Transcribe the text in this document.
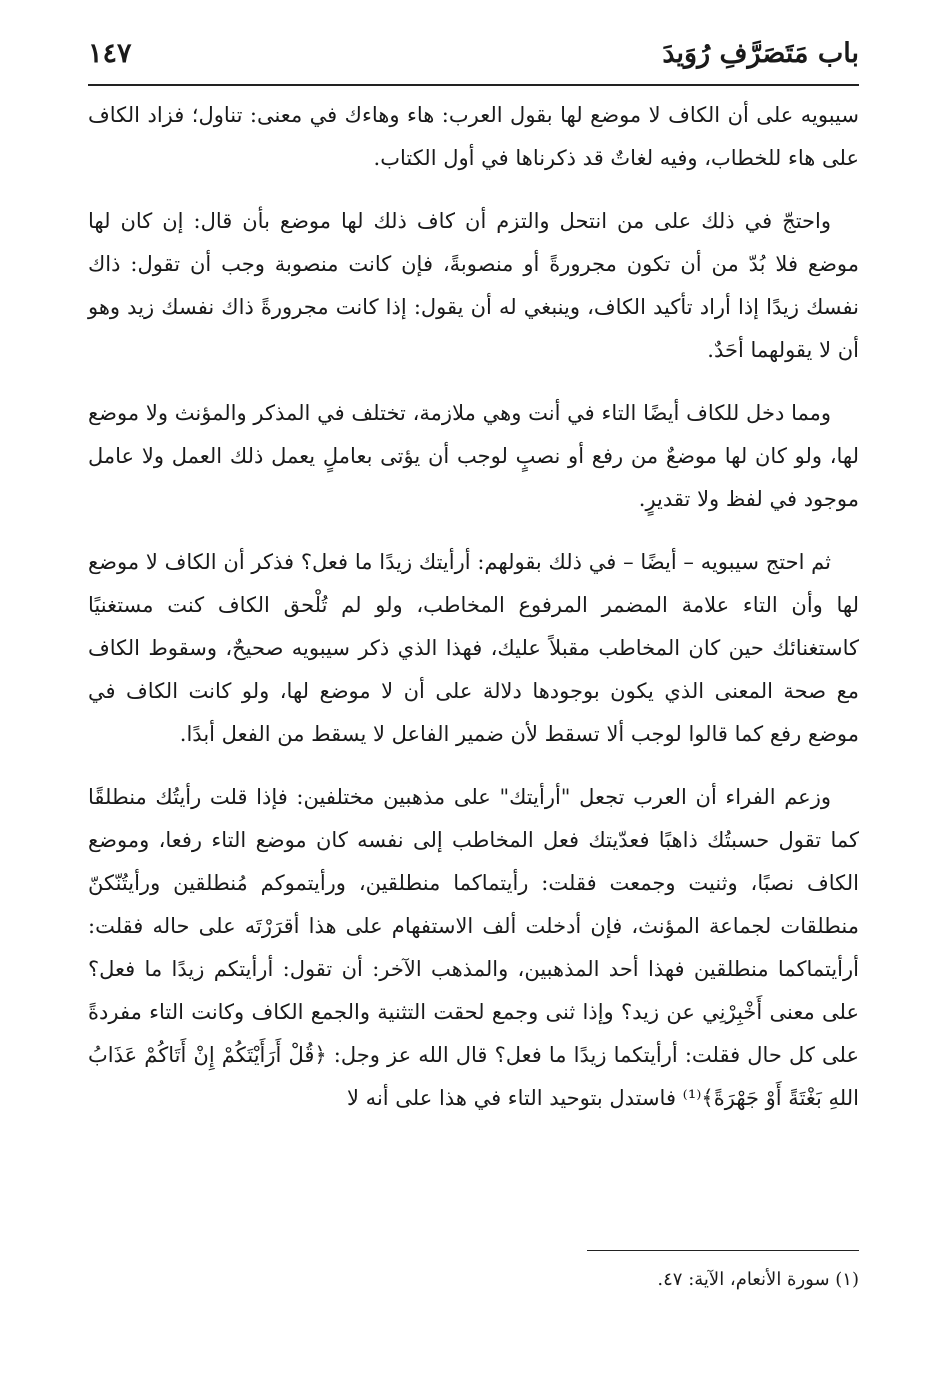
باب مَتَصَرَّفِ رُوَيدَ
١٤٧

سيبويه على أن الكاف لا موضع لها بقول العرب: هاء وهاءك في معنى: تناول؛ فزاد الكاف على هاء للخطاب، وفيه لغاتٌ قد ذكرناها في أول الكتاب.

واحتجّ في ذلك على من انتحل والتزم أن كاف ذلك لها موضع بأن قال: إن كان لها موضع فلا بُدّ من أن تكون مجرورةً أو منصوبةً، فإن كانت منصوبة وجب أن تقول: ذاك نفسك زيدًا إذا أراد تأكيد الكاف، وينبغي له أن يقول: إذا كانت مجرورةً ذاك نفسك زيد وهو أن لا يقولهما أحَدٌ.

ومما دخل للكاف أيضًا التاء في أنت وهي ملازمة، تختلف في المذكر والمؤنث ولا موضع لها، ولو كان لها موضعٌ من رفع أو نصبٍ لوجب أن يؤتى بعاملٍ يعمل ذلك العمل ولا عامل موجود في لفظ ولا تقديرٍ.

ثم احتج سيبويه – أيضًا – في ذلك بقولهم: أرأيتك زيدًا ما فعل؟ فذكر أن الكاف لا موضع لها وأن التاء علامة المضمر المرفوع المخاطب، ولو لم تُلْحق الكاف كنت مستغنيًا كاستغنائك حين كان المخاطب مقبلاً عليك، فهذا الذي ذكر سيبويه صحيحٌ، وسقوط الكاف مع صحة المعنى الذي يكون بوجودها دلالة على أن لا موضع لها، ولو كانت الكاف في موضع رفع كما قالوا لوجب ألا تسقط لأن ضمير الفاعل لا يسقط من الفعل أبدًا.

وزعم الفراء أن العرب تجعل "أرأيتك" على مذهبين مختلفين: فإذا قلت رأيتُك منطلقًا كما تقول حسبتُك ذاهبًا فعدّيتك فعل المخاطب إلى نفسه كان موضع التاء رفعا، وموضع الكاف نصبًا، وثنيت وجمعت فقلت: رأيتماكما منطلقين، ورأيتموكم مُنطلقين ورأيتُنّكنّ منطلقات لجماعة المؤنث، فإن أدخلت ألف الاستفهام على هذا أقرَرْتَه على حاله فقلت: أرأيتماكما منطلقين فهذا أحد المذهبين، والمذهب الآخر: أن تقول: أرأيتكم زيدًا ما فعل؟ على معنى أَخْبِرْنِي عن زيد؟ وإذا ثنى وجمع لحقت التثنية والجمع الكاف وكانت التاء مفردةً على كل حال فقلت: أرأيتكما زيدًا ما فعل؟ قال الله عز وجل: ﴿قُلْ أَرَأَيْتَكُمْ إِنْ أَتَاكُمْ عَذَابُ اللهِ بَغْتَةً أَوْ جَهْرَةً﴾⁽¹⁾ فاستدل بتوحيد التاء في هذا على أنه لا

(١) سورة الأنعام، الآية: ٤٧.
